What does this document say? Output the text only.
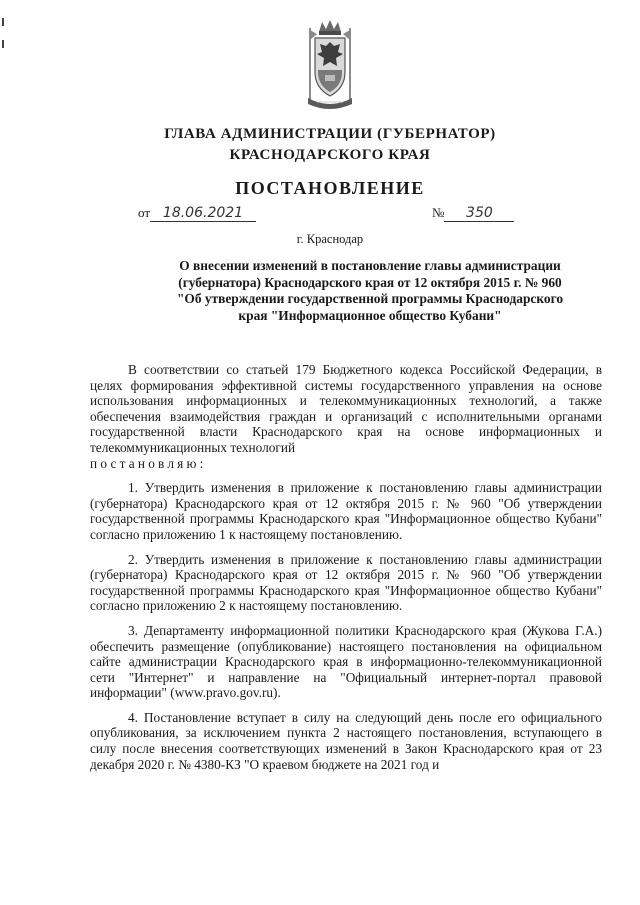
ГЛАВА АДМИНИСТРАЦИИ (ГУБЕРНАТОР)
КРАСНОДАРСКОГО КРАЯ
ПОСТАНОВЛЕНИЕ
от 18.06.2021	№ 350
г. Краснодар
О внесении изменений в постановление главы администрации
(губернатора) Краснодарского края от 12 октября 2015 г. № 960
"Об утверждении государственной программы Краснодарского
края "Информационное общество Кубани"

В соответствии со статьей 179 Бюджетного кодекса Российской Федерации, в целях формирования эффективной системы государственного управления на основе использования информационных и телекоммуникационных технологий, а также обеспечения взаимодействия граждан и организаций с исполнительными органами государственной власти Краснодарского края на основе информационных и телекоммуникационных технологий

постановляю:

1. Утвердить изменения в приложение к постановлению главы администрации (губернатора) Краснодарского края от 12 октября 2015 г. № 960 "Об утверждении государственной программы Краснодарского края "Информационное общество Кубани" согласно приложению 1 к настоящему постановлению.

2. Утвердить изменения в приложение к постановлению главы администрации (губернатора) Краснодарского края от 12 октября 2015 г. № 960 "Об утверждении государственной программы Краснодарского края "Информационное общество Кубани" согласно приложению 2 к настоящему постановлению.

3. Департаменту информационной политики Краснодарского края (Жукова Г.А.) обеспечить размещение (опубликование) настоящего постановления на официальном сайте администрации Краснодарского края в информационно-телекоммуникационной сети "Интернет" и направление на "Официальный интернет-портал правовой информации" (www.pravo.gov.ru).

4. Постановление вступает в силу на следующий день после его официального опубликования, за исключением пункта 2 настоящего постановления, вступающего в силу после внесения соответствующих изменений в Закон Краснодарского края от 23 декабря 2020 г. № 4380-КЗ "О краевом бюджете на 2021 год и
